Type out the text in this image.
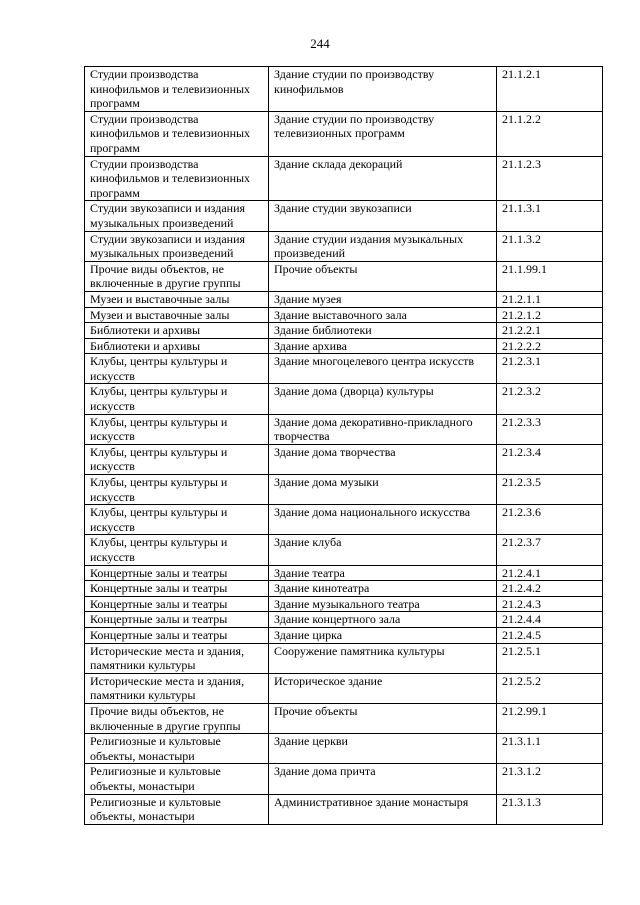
244
Студии производства кинофильмов и телевизионных программ	Здание студии по производству кинофильмов	21.1.2.1
Студии производства кинофильмов и телевизионных программ	Здание студии по производству телевизионных программ	21.1.2.2
Студии производства кинофильмов и телевизионных программ	Здание склада декораций	21.1.2.3
Студии звукозаписи и издания музыкальных произведений	Здание студии звукозаписи	21.1.3.1
Студии звукозаписи и издания музыкальных произведений	Здание студии издания музыкальных произведений	21.1.3.2
Прочие виды объектов, не включенные в другие группы	Прочие объекты	21.1.99.1
Музеи и выставочные залы	Здание музея	21.2.1.1
Музеи и выставочные залы	Здание выставочного зала	21.2.1.2
Библиотеки и архивы	Здание библиотеки	21.2.2.1
Библиотеки и архивы	Здание архива	21.2.2.2
Клубы, центры культуры и искусств	Здание многоцелевого центра искусств	21.2.3.1
Клубы, центры культуры и искусств	Здание дома (дворца) культуры	21.2.3.2
Клубы, центры культуры и искусств	Здание дома декоративно-прикладного творчества	21.2.3.3
Клубы, центры культуры и искусств	Здание дома творчества	21.2.3.4
Клубы, центры культуры и искусств	Здание дома музыки	21.2.3.5
Клубы, центры культуры и искусств	Здание дома национального искусства	21.2.3.6
Клубы, центры культуры и искусств	Здание клуба	21.2.3.7
Концертные залы и театры	Здание театра	21.2.4.1
Концертные залы и театры	Здание кинотеатра	21.2.4.2
Концертные залы и театры	Здание музыкального театра	21.2.4.3
Концертные залы и театры	Здание концертного зала	21.2.4.4
Концертные залы и театры	Здание цирка	21.2.4.5
Исторические места и здания, памятники культуры	Сооружение памятника культуры	21.2.5.1
Исторические места и здания, памятники культуры	Историческое здание	21.2.5.2
Прочие виды объектов, не включенные в другие группы	Прочие объекты	21.2.99.1
Религиозные и культовые объекты, монастыри	Здание церкви	21.3.1.1
Религиозные и культовые объекты, монастыри	Здание дома причта	21.3.1.2
Религиозные и культовые объекты, монастыри	Административное здание монастыря	21.3.1.3
